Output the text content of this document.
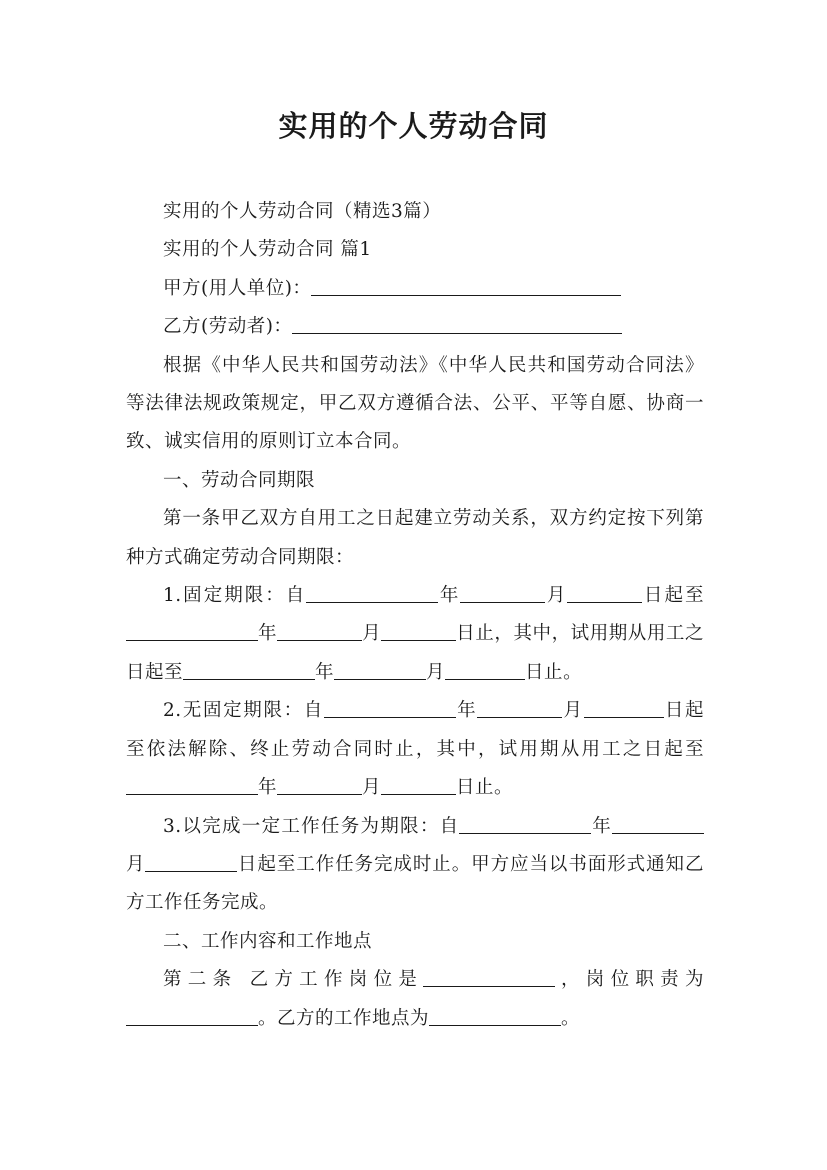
实用的个人劳动合同

实用的个人劳动合同（精选3篇）

实用的个人劳动合同 篇1

甲方(用人单位)：

乙方(劳动者)：

根据《中华人民共和国劳动法》《中华人民共和国劳动合同法》等法律法规政策规定，甲乙双方遵循合法、公平、平等自愿、协商一致、诚实信用的原则订立本合同。

一、劳动合同期限

第一条甲乙双方自用工之日起建立劳动关系，双方约定按下列第 种方式确定劳动合同期限：

1.固定期限：自	年	月	日起至年	月	日止，其中，试用期从用工之日起至	年	月	日止。

2.无固定期限：自	年	月	日起至依法解除、终止劳动合同时止，其中，试用期从用工之日起至年	月	日止。

3.以完成一定工作任务为期限：自	年月	日起至工作任务完成时止。甲方应当以书面形式通知乙方工作任务完成。

二、工作内容和工作地点

第二条 乙方工作岗位是	，岗位职责为。乙方的工作地点为	。
